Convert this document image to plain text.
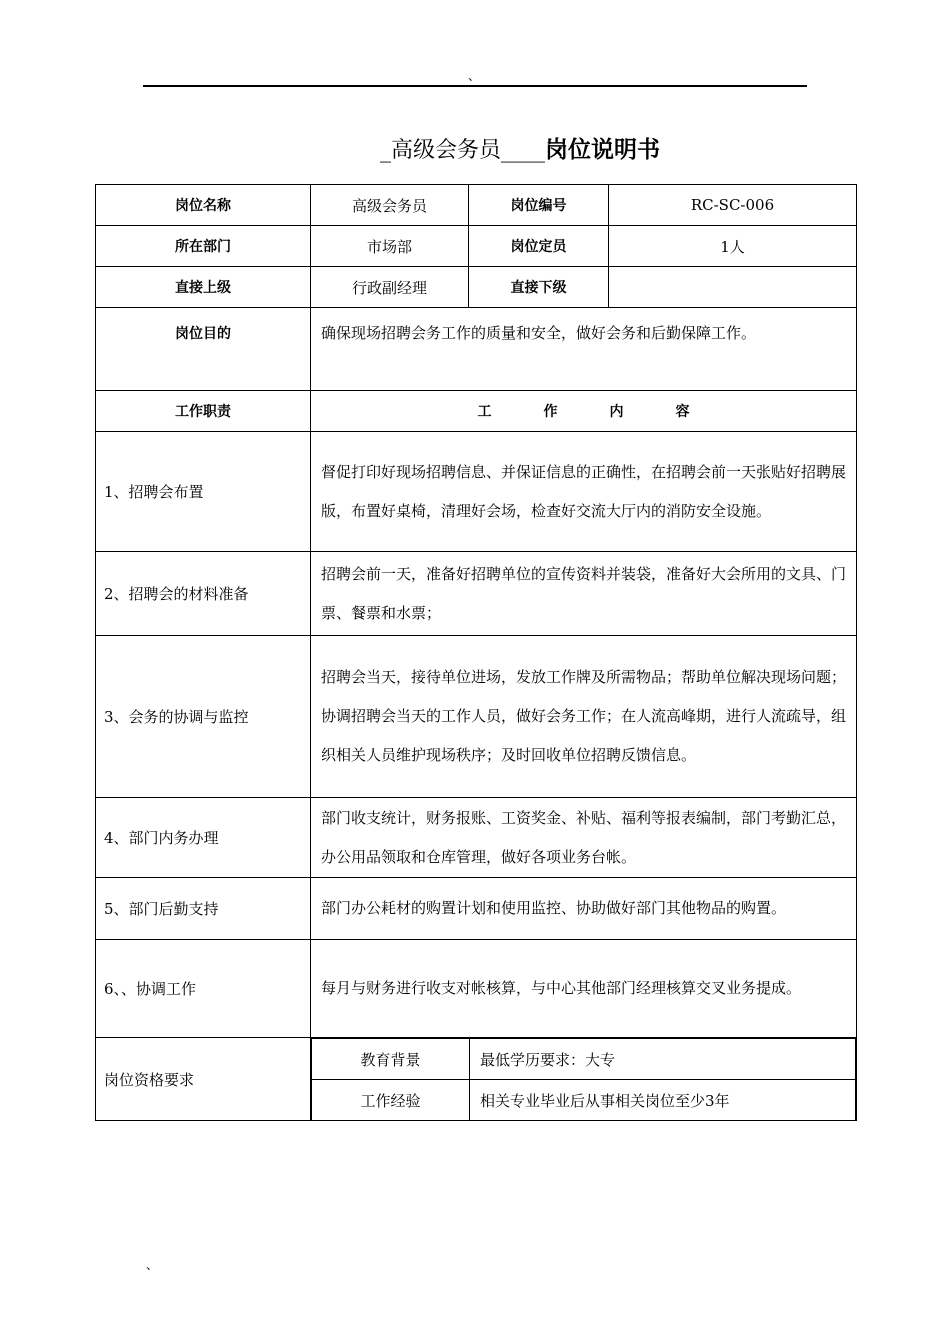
、
_高级会务员____岗位说明书
岗位名称	高级会务员	岗位编号	RC-SC-006
所在部门	市场部	岗位定员	1人
直接上级	行政副经理	直接下级	
岗位目的	确保现场招聘会务工作的质量和安全，做好会务和后勤保障工作。
工作职责	工	作	内	容
1、招聘会布置	督促打印好现场招聘信息、并保证信息的正确性，在招聘会前一天张贴好招聘展版，布置好桌椅，清理好会场，检查好交流大厅内的消防安全设施。
2、招聘会的材料准备	招聘会前一天，准备好招聘单位的宣传资料并装袋，准备好大会所用的文具、门票、餐票和水票；
3、会务的协调与监控	招聘会当天，接待单位进场，发放工作牌及所需物品；帮助单位解决现场问题；协调招聘会当天的工作人员，做好会务工作；在人流高峰期，进行人流疏导，组织相关人员维护现场秩序；及时回收单位招聘反馈信息。
4、部门内务办理	部门收支统计，财务报账、工资奖金、补贴、福利等报表编制，部门考勤汇总，办公用品领取和仓库管理，做好各项业务台帐。
5、部门后勤支持	部门办公耗材的购置计划和使用监控、协助做好部门其他物品的购置。
6、、协调工作	每月与财务进行收支对帐核算，与中心其他部门经理核算交叉业务提成。
岗位资格要求	
教育背景	最低学历要求：大专
工作经验	相关专业毕业后从事相关岗位至少3年
、
